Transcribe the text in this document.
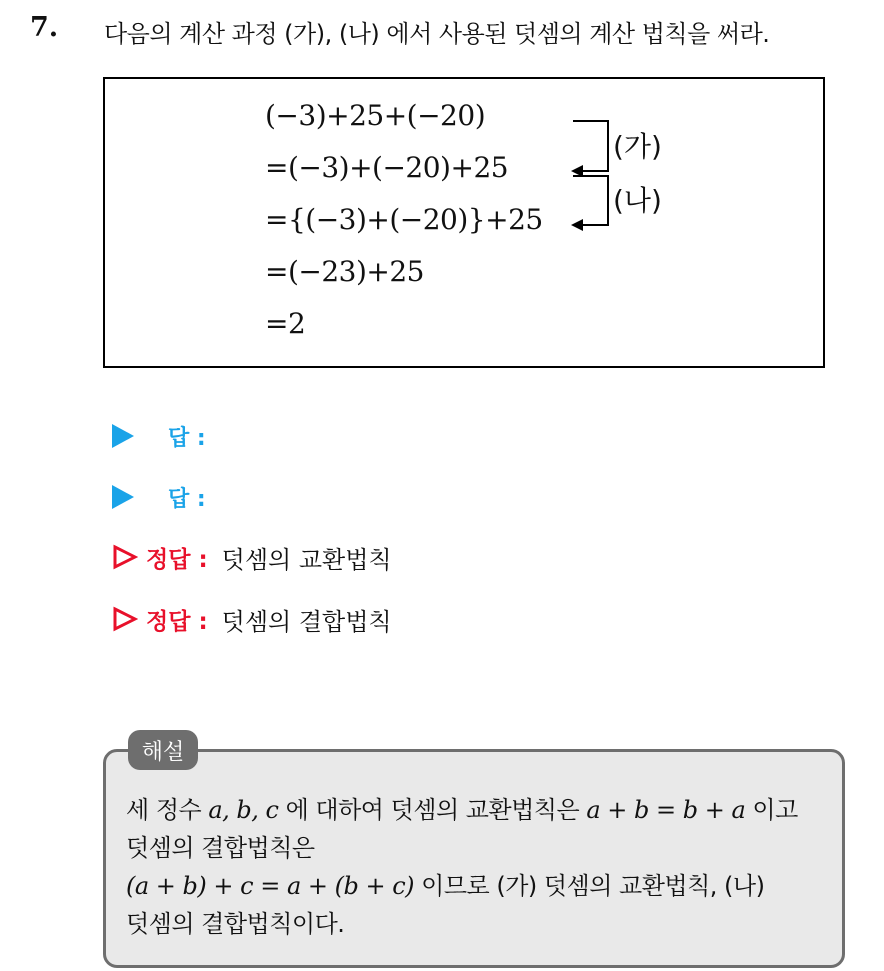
7. 다음의 계산 과정 (가), (나) 에서 사용된 덧셈의 계산 법칙을 써라.
(−3)+25+(−20)
=(−3)+(−20)+25
={(−3)+(−20)}+25
=(−23)+25
=2
(가)
(나)
답 :
답 :
정답 : 덧셈의 교환법칙
정답 : 덧셈의 결합법칙
해설
세 정수 a, b, c 에 대하여 덧셈의 교환법칙은 a + b = b + a 이고
덧셈의 결합법칙은
(a + b) + c = a + (b + c) 이므로 (가) 덧셈의 교환법칙, (나)
덧셈의 결합법칙이다.
